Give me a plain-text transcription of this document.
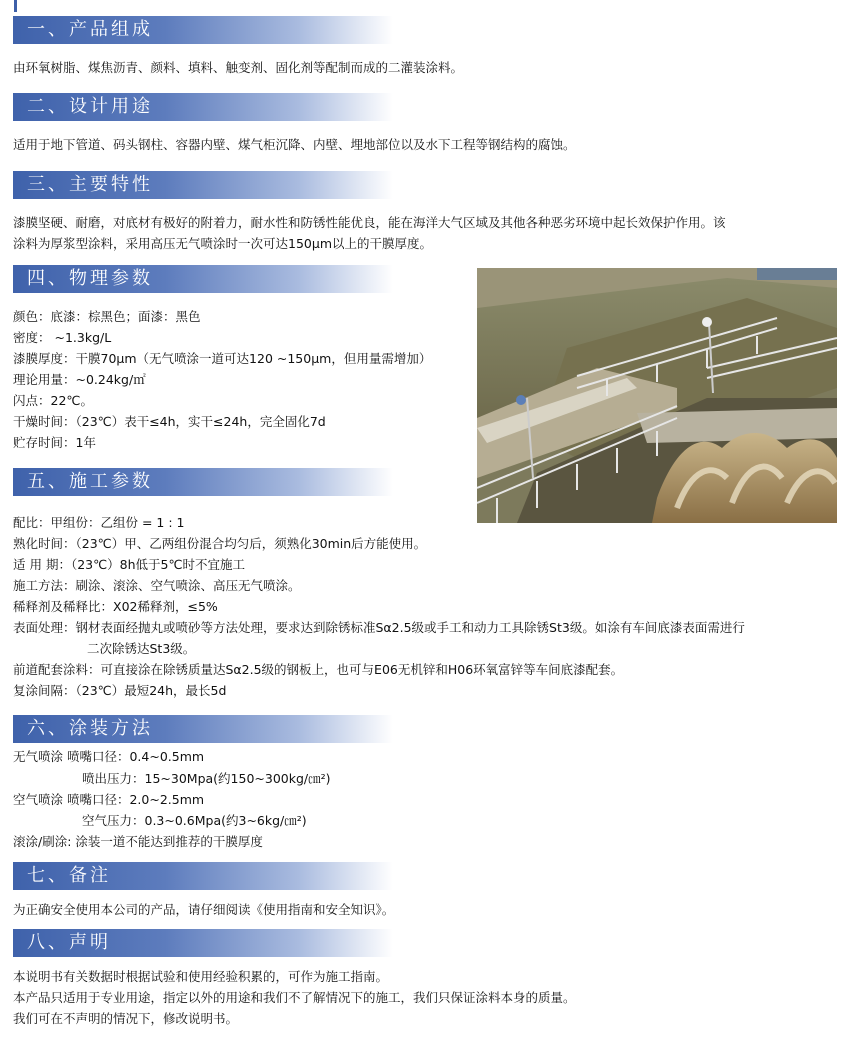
一、产品组成
由环氧树脂、煤焦沥青、颜料、填料、触变剂、固化剂等配制而成的二灌装涂料。
二、设计用途
适用于地下管道、码头钢柱、容器内壁、煤气柜沉降、内壁、埋地部位以及水下工程等钢结构的腐蚀。
三、主要特性
漆膜坚硬、耐磨，对底材有极好的附着力，耐水性和防锈性能优良，能在海洋大气区域及其他各种恶劣环境中起长效保护作用。该
涂料为厚浆型涂料，采用高压无气喷涂时一次可达150μm以上的干膜厚度。
四、物理参数
颜色：底漆：棕黑色；面漆：黑色
密度： ~1.3kg/L
漆膜厚度：干膜70μm（无气喷涂一道可达120 ~150μm，但用量需增加）
理论用量：~0.24kg/㎡
闪点：22℃。
干燥时间：（23℃）表干≤4h，实干≤24h，完全固化7d
贮存时间：1年
五、施工参数
配比：甲组份：乙组份 = 1 : 1
熟化时间：（23℃）甲、乙两组份混合均匀后，须熟化30min后方能使用。
适 用 期：（23℃）8h低于5℃时不宜施工
施工方法：刷涂、滚涂、空气喷涂、高压无气喷涂。
稀释剂及稀释比：X02稀释剂，≤5%
表面处理：钢材表面经抛丸或喷砂等方法处理，要求达到除锈标准Sα2.5级或手工和动力工具除锈St3级。如涂有车间底漆表面需进行
二次除锈达St3级。
前道配套涂料：可直接涂在除锈质量达Sα2.5级的钢板上，也可与E06无机锌和H06环氧富锌等车间底漆配套。
复涂间隔：（23℃）最短24h，最长5d
六、涂装方法
无气喷涂 喷嘴口径：0.4~0.5mm
喷出压力：15~30Mpa(约150~300kg/㎝²)
空气喷涂 喷嘴口径：2.0~2.5mm
空气压力：0.3~0.6Mpa(约3~6kg/㎝²)
滚涂/刷涂: 涂装一道不能达到推荐的干膜厚度
七、备注
为正确安全使用本公司的产品，请仔细阅读《使用指南和安全知识》。
八、声明
本说明书有关数据时根据试验和使用经验积累的，可作为施工指南。
本产品只适用于专业用途，指定以外的用途和我们不了解情况下的施工，我们只保证涂料本身的质量。
我们可在不声明的情况下，修改说明书。
